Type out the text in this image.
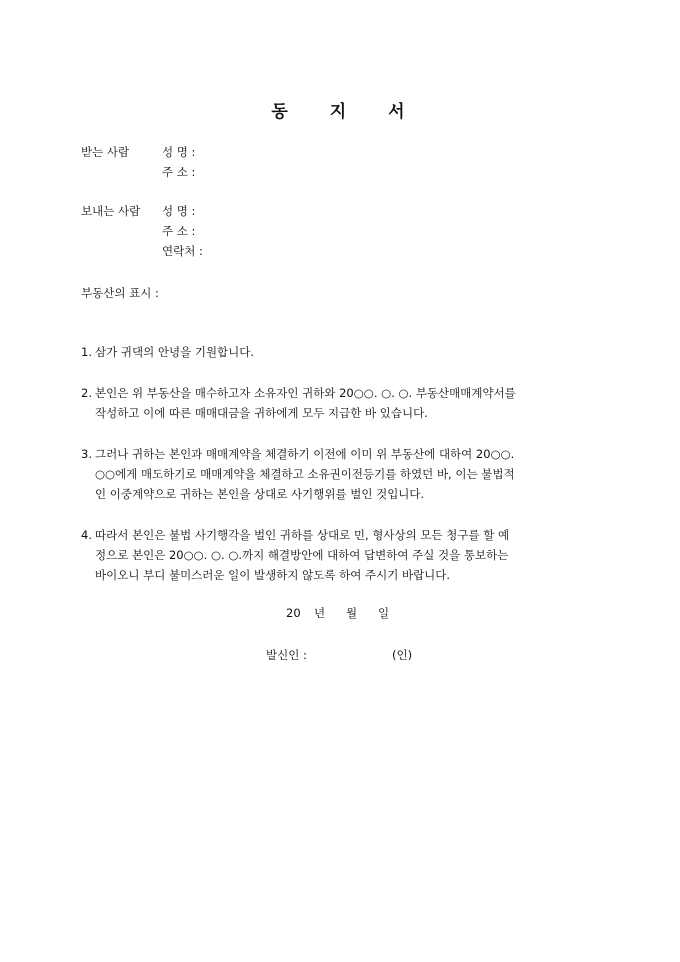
동 지 서
받는 사람	성 명 :
주 소 :
보내는 사람 성 명 :
주 소 :
연락처 :
부동산의 표시 :
1. 삼가 귀댁의 안녕을 기원합니다.
2. 본인은 위 부동산을 매수하고자 소유자인 귀하와 20○○. ○. ○. 부동산매매계약서를
작성하고 이에 따른 매매대금을 귀하에게 모두 지급한 바 있습니다.
3. 그러나 귀하는 본인과 매매계약을 체결하기 이전에 이미 위 부동산에 대하여 20○○.
○○에게 매도하기로 매매계약을 체결하고 소유권이전등기를 하였던 바, 이는 불법적
인 이중계약으로 귀하는 본인을 상대로 사기행위를 벌인 것입니다.
4. 따라서 본인은 불법 사기행각을 벌인 귀하를 상대로 민, 형사상의 모든 청구를 할 예
정으로 본인은 20○○. ○. ○.까지 해결방안에 대하여 답변하여 주실 것을 통보하는
바이오니 부디 불미스러운 일이 발생하지 않도록 하여 주시기 바랍니다.
20 년 월 일
발신인 :	(인)
